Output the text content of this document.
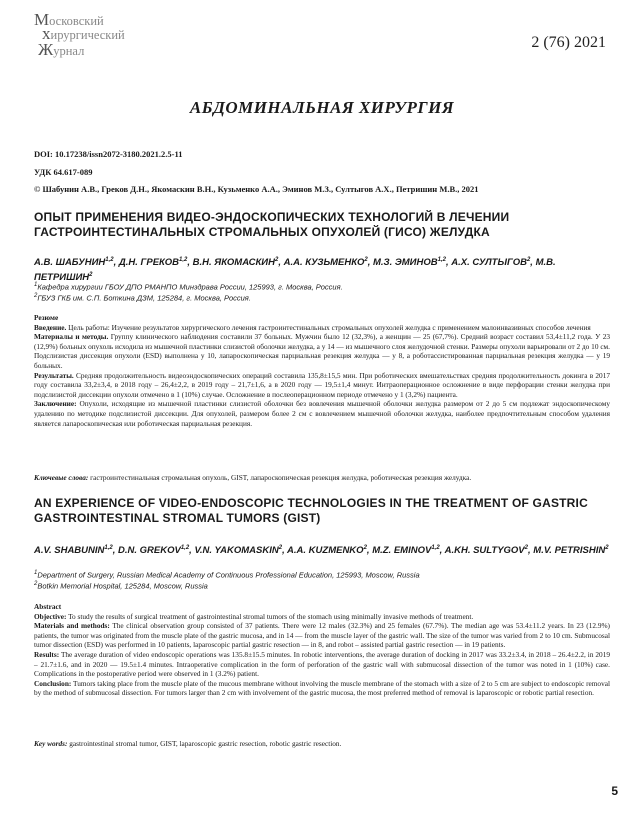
Московский
хирургический
Журнал	2 (76) 2021
АБДОМИНАЛЬНАЯ ХИРУРГИЯ
DOI: 10.17238/issn2072-3180.2021.2.5-11
УДК 64.617-089
© Шабунин А.В., Греков Д.Н., Якомаскин В.Н., Кузьменко А.А., Эминов М.З., Султыгов А.Х., Петришин М.В., 2021
ОПЫТ ПРИМЕНЕНИЯ ВИДЕО-ЭНДОСКОПИЧЕСКИХ ТЕХНОЛОГИЙ В ЛЕЧЕНИИ ГАСТРОИНТЕСТИНАЛЬНЫХ СТРОМАЛЬНЫХ ОПУХОЛЕЙ (ГИСО) ЖЕЛУДКА
А.В. ШАБУНИН$^{1,2}$, Д.Н. ГРЕКОВ$^{1,2}$, В.Н. ЯКОМАСКИН$^2$, А.А. КУЗЬМЕНКО$^2$, М.З. ЭМИНОВ$^{1,2}$, А.Х. СУЛТЫГОВ$^2$, М.В. ПЕТРИШИН$^2$
$^1$Кафедра хирургии ГБОУ ДПО РМАНПО Минздрава России, 125993, г. Москва, Россия.
$^2$ГБУЗ ГКБ им. С.П. Боткина ДЗМ, 125284, г. Москва, Россия.

Резюме

Введение. Цель работы: Изучение результатов хирургического лечения гастроинтестинальных стромальных опухолей желудка с применением малоинвазивных способов лечения

Материалы и методы. Группу клинического наблюдения составили 37 больных. Мужчин было 12 (32,3%), а женщин — 25 (67,7%). Средний возраст составил 53,4±11,2 года. У 23 (12,9%) больных опухоль исходила из мышечной пластинки слизистой оболочки желудка, а у 14 — из мышечного слоя желудочной стенки. Размеры опухоли варьировали от 2 до 10 см. Подслизистая диссекция опухоли (ESD) выполнена у 10, лапароскопическая парциальная резекция желудка — у 8, а роботассистированная парциальная резекция желудка — у 19 больных.

Результаты. Средняя продолжительность видеоэндоскопических операций составила 135,8±15,5 мин. При роботических вмешательствах средняя продолжительность докинга в 2017 году составила 33,2±3,4, в 2018 году – 26,4±2,2, в 2019 году – 21,7±1,6, а в 2020 году — 19,5±1,4 минут. Интраоперационное осложнение в виде перфорации стенки желудка при подслизистой диссекции опухоли отмечено в 1 (10%) случае. Осложнение в послеоперационном периоде отмечено у 1 (3,2%) пациента.

Заключение: Опухоли, исходящие из мышечной пластинки слизистой оболочки без вовлечения мышечной оболочки желудка размером от 2 до 5 см подлежат эндоскопическому удалению по методике подслизистой диссекции. Для опухолей, размером более 2 см с вовлечением мышечной оболочки желудка, наиболее предпочтительным способом удаления является лапароскопическая или роботическая парциальная резекция.

Ключевые слова: гастроинтестинальная стромальная опухоль, GIST, лапароскопическая резекция желудка, роботическая резекция желудка.
AN EXPERIENCE OF VIDEO-ENDOSCOPIC TECHNOLOGIES IN THE TREATMENT OF GASTRIC GASTROINTESTINAL STROMAL TUMORS (GIST)
A.V. SHABUNIN$^{1,2}$, D.N. GREKOV$^{1,2}$, V.N. YAKOMASKIN$^2$, A.A. KUZMENKO$^2$, M.Z. EMINOV$^{1,2}$, A.KH. SULTYGOV$^2$, M.V. PETRISHIN$^2$
$^1$Department of Surgery, Russian Medical Academy of Continuous Professional Education, 125993, Moscow, Russia
$^2$Botkin Memorial Hospital, 125284, Moscow, Russia

Abstract

Objective: To study the results of surgical treatment of gastrointestinal stromal tumors of the stomach using minimally invasive methods of treatment.

Materials and methods: The clinical observation group consisted of 37 patients. There were 12 males (32.3%) and 25 females (67.7%). The median age was 53.4±11.2 years. In 23 (12.9%) patients, the tumor was originated from the muscle plate of the gastric mucosa, and in 14 — from the muscle layer of the gastric wall. The size of the tumor was varied from 2 to 10 cm. Submucosal tumor dissection (ESD) was performed in 10 patients, laparoscopic partial gastric resection — in 8, and robot – assisted partial gastric resection — in 19 patients.

Results: The average duration of video endoscopic operations was 135.8±15.5 minutes. In robotic interventions, the average duration of docking in 2017 was 33.2±3.4, in 2018 – 26.4±2.2, in 2019 – 21.7±1.6, and in 2020 — 19.5±1.4 minutes. Intraoperative complication in the form of perforation of the gastric wall with submucosal dissection of the tumor was noted in 1 (10%) case. Complications in the postoperative period were observed in 1 (3.2%) patient.

Conclusion: Tumors taking place from the muscle plate of the mucous membrane without involving the muscle membrane of the stomach with a size of 2 to 5 cm are subject to endoscopic removal by the method of submucosal dissection. For tumors larger than 2 cm with involvement of the gastric mucosa, the most preferred method of removal is laparoscopic or robotic partial resection.

Key words: gastrointestinal stromal tumor, GIST, laparoscopic gastric resection, robotic gastric resection.
5
